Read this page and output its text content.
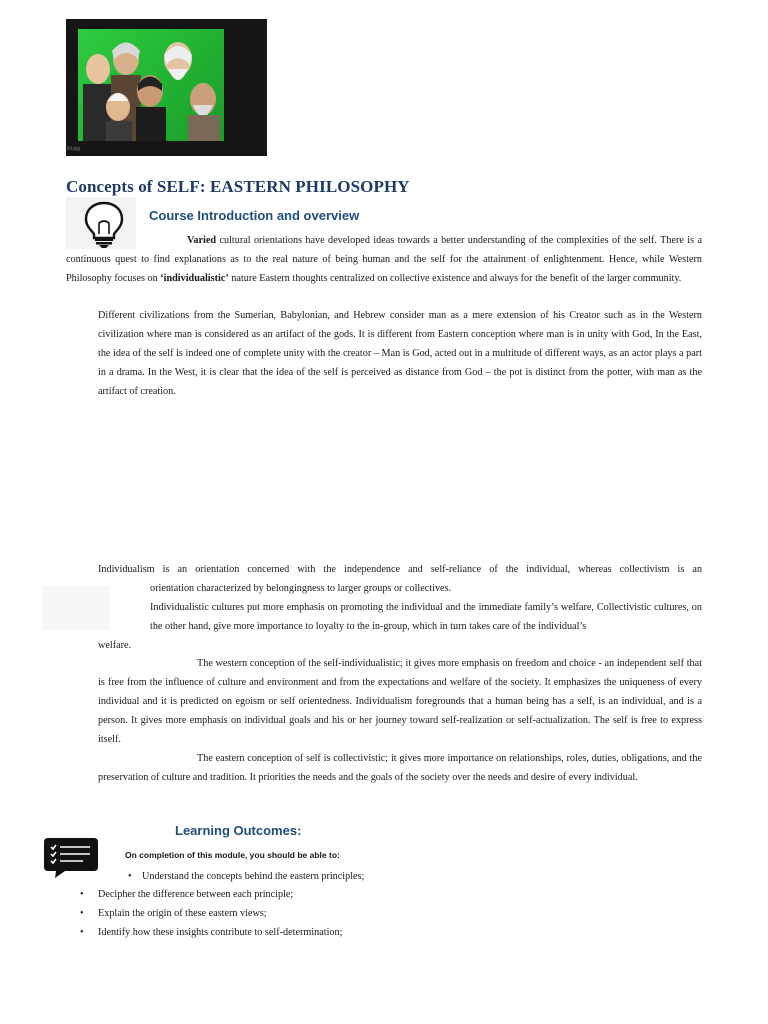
ild.jpg
Concepts of SELF: EASTERN PHILOSOPHY
Course Introduction and overview
Varied cultural orientations have developed ideas towards a better understanding of the complexities of the self. There is a continuous quest to find explanations as to the real nature of being human and the self for the attainment of enlightenment. Hence, while Western Philosophy focuses on ‘individualistic’ nature Eastern thoughts centralized on collective existence and always for the benefit of the larger community.
Different civilizations from the Sumerian, Babylonian, and Hebrew consider man as a mere extension of his Creator such as in the Western civilization where man is considered as an artifact of the gods. It is different from Eastern conception where man is in unity with God, In the East, the idea of the self is indeed one of complete unity with the creator – Man is God, acted out in a multitude of different ways, as an actor plays a part in a drama. In the West, it is clear that the idea of the self is perceived as distance from God – the pot is distinct from the potter, with man as the artifact of creation.
Individualism is an orientation concerned with the independence and self-reliance of the individual, whereas collectivism is an
orientation characterized by belongingness to larger groups or collectives.
Individualistic cultures put more emphasis on promoting the individual and the immediate family’s welfare, Collectivistic cultures, on the other hand, give more importance to loyalty to the in-group, which in turn takes care of the individual’s
welfare.
The western conception of the self-individualistic; it gives more emphasis on freedom and choice - an independent self that is free from the influence of culture and environment and from the expectations and welfare of the society. It emphasizes the uniqueness of every individual and it is predicted on egoism or self orientedness. Individualism foregrounds that a human being has a self, is an individual, and is a person. It gives more emphasis on individual goals and his or her journey toward self-realization or self-actualization. The self is free to express itself.
The eastern conception of self is collectivistic; it gives more importance on relationships, roles, duties, obligations, and the preservation of culture and tradition. It priorities the needs and the goals of the society over the needs and desire of every individual.
Learning Outcomes:
On completion of this module, you should be able to:
• Understand the concepts behind the eastern principles;
• Decipher the difference between each principle;
• Explain the origin of these eastern views;
• Identify how these insights contribute to self-determination;
